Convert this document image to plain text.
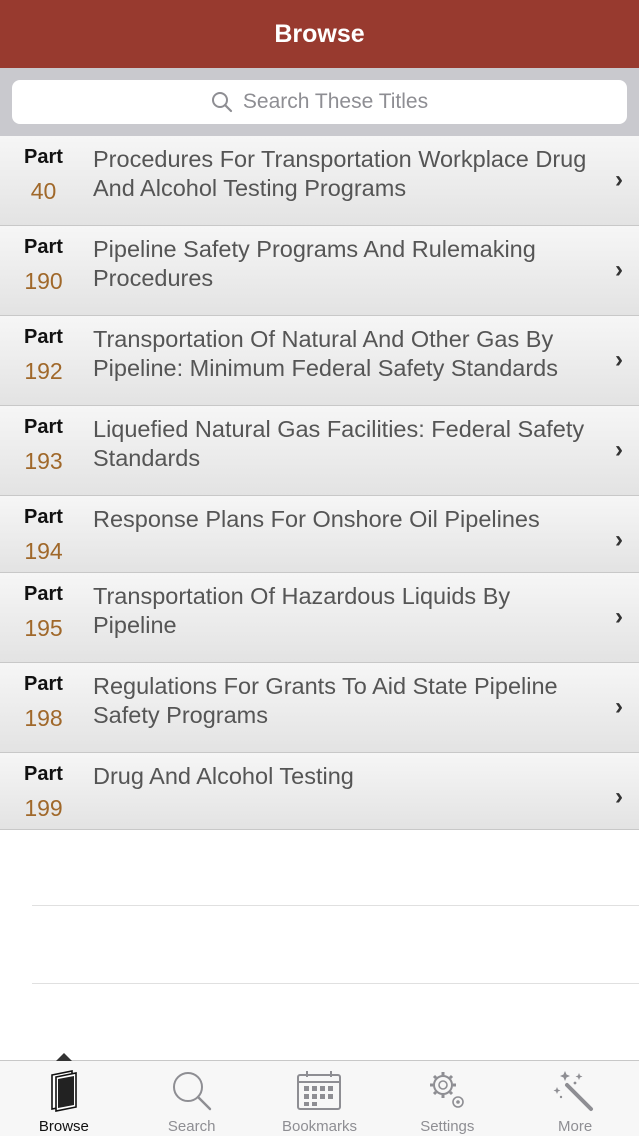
Browse
Search These Titles
Part
40
Procedures For Transportation Workplace Drug And Alcohol Testing Programs	›
Part
190
Pipeline Safety Programs And Rulemaking Procedures	›
Part
192
Transportation Of Natural And Other Gas By Pipeline: Minimum Federal Safety Standards	›
Part
193
Liquefied Natural Gas Facilities: Federal Safety Standards	›
Part
194
Response Plans For Onshore Oil Pipelines
›
Part
195
Transportation Of Hazardous Liquids By Pipeline	›
Part
198
Regulations For Grants To Aid State Pipeline Safety Programs	›
Part
199
Drug And Alcohol Testing
›
Browse	Search	Bookmarks	Settings	More
